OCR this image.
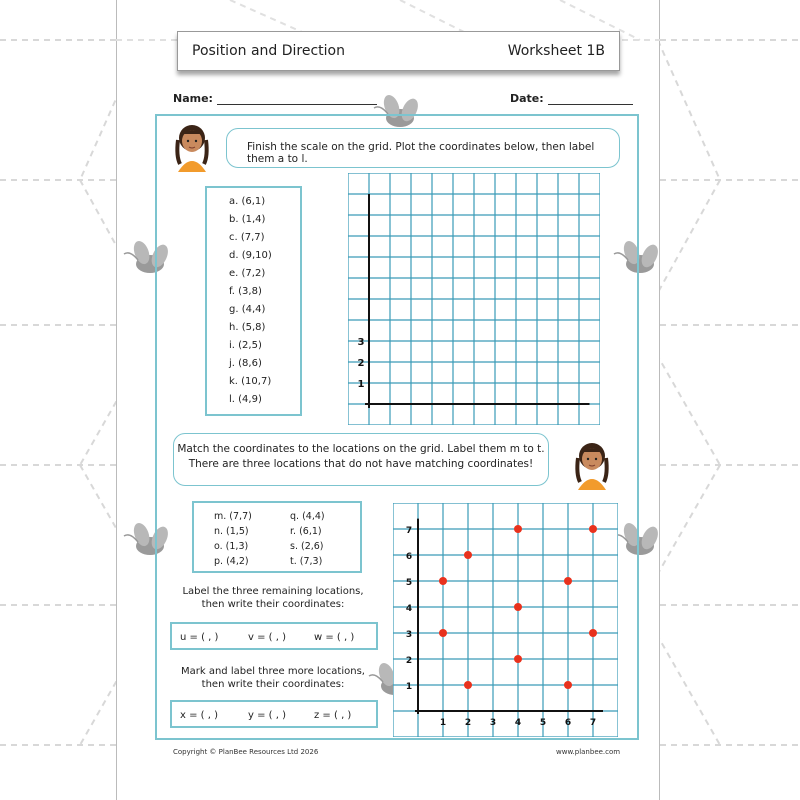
Position and Direction	Worksheet 1B
Name:	Date:
Finish the scale on the grid. Plot the coordinates below, then label them a to l.
a. (6,1)
b. (1,4)
c. (7,7)
d. (9,10)
e. (7,2)
f. (3,8)
g. (4,4)
h. (5,8)
i. (2,5)
j. (8,6)
k. (10,7)
l. (4,9)
1
2
3
Match the coordinates to the locations on the grid. Label them m to t.
There are three locations that do not have matching coordinates!
m. (7,7)
n. (1,5)
o. (1,3)
p. (4,2)
q. (4,4)
r. (6,1)
s. (2,6)
t. (7,3)
Label the three remaining locations,
then write their coordinates:
u = ( , )	v = ( , )	w = ( , )
Mark and label three more locations,
then write their coordinates:
x = ( , )	y = ( , )	z = ( , )
1
1
2
2
3
3
4
4
5
5
6
6
7
7
Copyright © PlanBee Resources Ltd 2026	www.planbee.com
